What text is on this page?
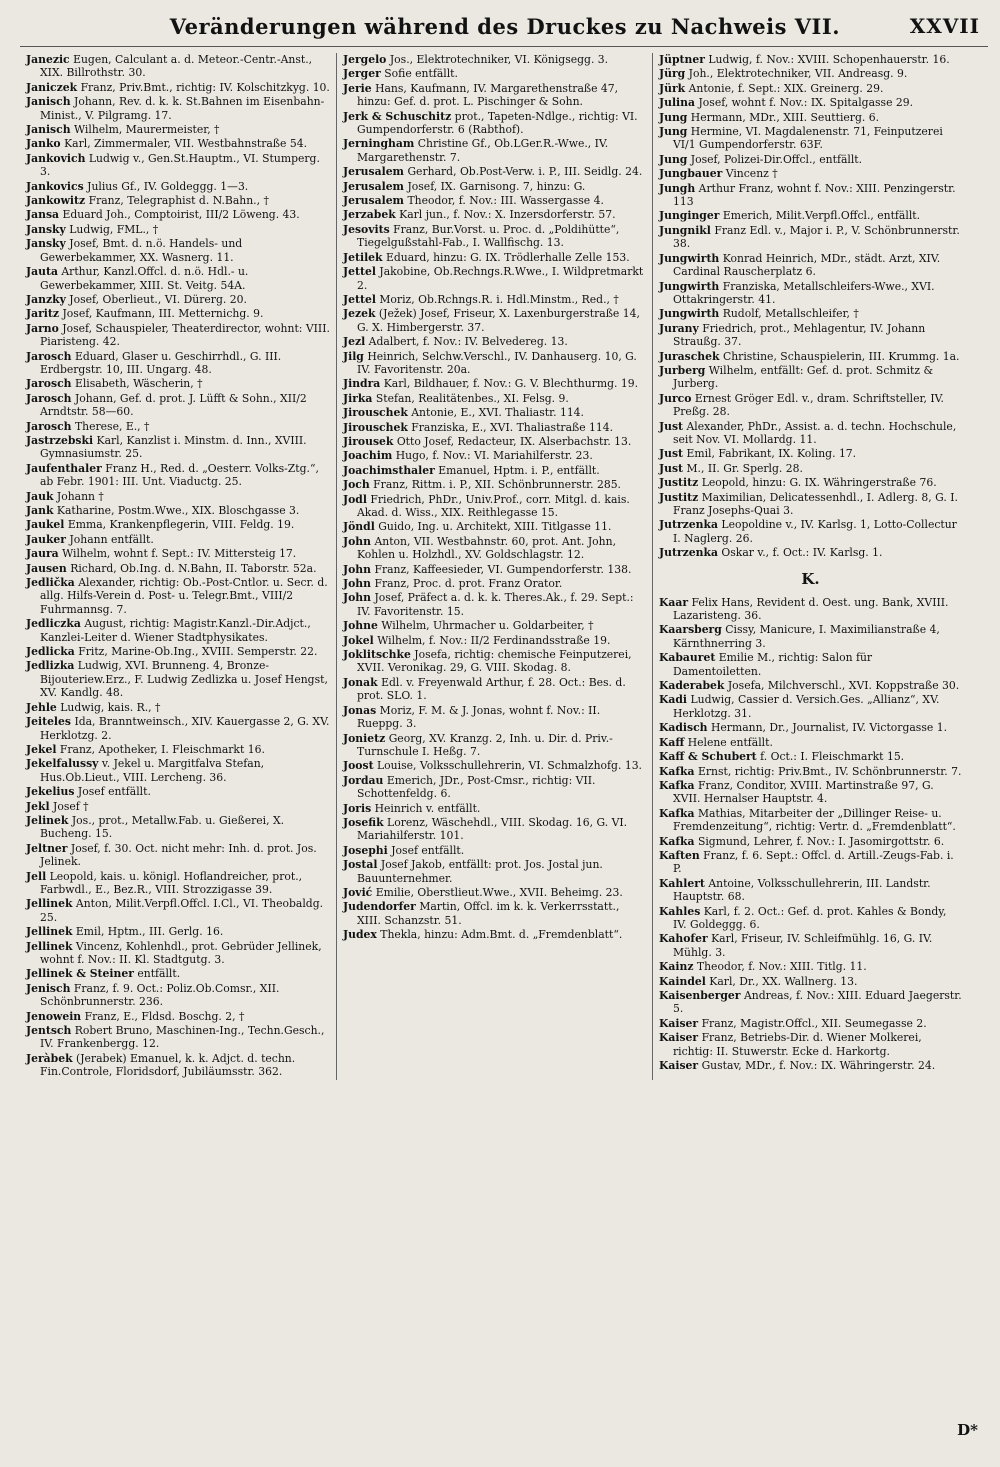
Veränderungen während des Druckes zu Nachweis VII.	XXVII
Janezic Eugen, Calculant a. d. Meteor.-Centr.-Anst., XIX. Billrothstr. 30.
Janiczek Franz, Priv.Bmt., richtig: IV. Kolschitzkyg. 10.
Janisch Johann, Rev. d. k. k. St.Bahnen im Eisenbahn-Minist., V. Pilgramg. 17.
Janisch Wilhelm, Maurermeister, †
Janko Karl, Zimmermaler, VII. Westbahnstraße 54.
Jankovich Ludwig v., Gen.St.Hauptm., VI. Stumperg. 3.
Jankovics Julius Gf., IV. Goldeggg. 1—3.
Jankowitz Franz, Telegraphist d. N.Bahn., †
Jansa Eduard Joh., Comptoirist, III/2 Löweng. 43.
Jansky Ludwig, FML., †
Jansky Josef, Bmt. d. n.ö. Handels- und Gewerbekammer, XX. Wasnerg. 11.
Jauta Arthur, Kanzl.Offcl. d. n.ö. Hdl.- u. Gewerbekammer, XIII. St. Veitg. 54A.
Janzky Josef, Oberlieut., VI. Dürerg. 20.
Jaritz Josef, Kaufmann, III. Metternichg. 9.
Jarno Josef, Schauspieler, Theaterdirector, wohnt: VIII. Piaristeng. 42.
Jarosch Eduard, Glaser u. Geschirrhdl., G. III. Erdbergstr. 10, III. Ungarg. 48.
Jarosch Elisabeth, Wäscherin, †
Jarosch Johann, Gef. d. prot. J. Lüfft & Sohn., XII/2 Arndtstr. 58—60.
Jarosch Therese, E., †
Jastrzebski Karl, Kanzlist i. Minstm. d. Inn., XVIII. Gymnasiumstr. 25.
Jaufenthaler Franz H., Red. d. „Oesterr. Volks-Ztg.“, ab Febr. 1901: III. Unt. Viaductg. 25.
Jauk Johann †
Jank Katharine, Postm.Wwe., XIX. Bloschgasse 3.
Jaukel Emma, Krankenpflegerin, VIII. Feldg. 19.
Jauker Johann entfällt.
Jaura Wilhelm, wohnt f. Sept.: IV. Mittersteig 17.
Jausen Richard, Ob.Ing. d. N.Bahn, II. Taborstr. 52a.
Jedlička Alexander, richtig: Ob.-Post-Cntlor. u. Secr. d. allg. Hilfs-Verein d. Post- u. Telegr.Bmt., VIII/2 Fuhrmannsg. 7.
Jedliczka August, richtig: Magistr.Kanzl.-Dir.Adjct., Kanzlei-Leiter d. Wiener Stadtphysikates.
Jedlicka Fritz, Marine-Ob.Ing., XVIII. Semperstr. 22.
Jedlizka Ludwig, XVI. Brunneng. 4, Bronze-Bijouteriew.Erz., F. Ludwig Zedlizka u. Josef Hengst, XV. Kandlg. 48.
Jehle Ludwig, kais. R., †
Jeiteles Ida, Branntweinsch., XIV. Kauergasse 2, G. XV. Herklotzg. 2.
Jekel Franz, Apotheker, I. Fleischmarkt 16.
Jekelfalussy v. Jekel u. Margitfalva Stefan, Hus.Ob.Lieut., VIII. Lercheng. 36.
Jekelius Josef entfällt.
Jekl Josef †
Jelinek Jos., prot., Metallw.Fab. u. Gießerei, X. Bucheng. 15.
Jeltner Josef, f. 30. Oct. nicht mehr: Inh. d. prot. Jos. Jelinek.
Jell Leopold, kais. u. königl. Hoflandreicher, prot., Farbwdl., E., Bez.R., VIII. Strozzigasse 39.
Jellinek Anton, Milit.Verpfl.Offcl. I.Cl., VI. Theobaldg. 25.
Jellinek Emil, Hptm., III. Gerlg. 16.
Jellinek Vincenz, Kohlenhdl., prot. Gebrüder Jellinek, wohnt f. Nov.: II. Kl. Stadtgutg. 3.
Jellinek & Steiner entfällt.
Jenisch Franz, f. 9. Oct.: Poliz.Ob.Comsr., XII. Schönbrunnerstr. 236.
Jenowein Franz, E., Fldsd. Boschg. 2, †
Jentsch Robert Bruno, Maschinen-Ing., Techn.Gesch., IV. Frankenbergg. 12.
Jeràbek (Jerabek) Emanuel, k. k. Adjct. d. techn. Fin.Controle, Floridsdorf, Jubiläumsstr. 362.
Jergelo Jos., Elektrotechniker, VI. Königsegg. 3.
Jerger Sofie entfällt.
Jerie Hans, Kaufmann, IV. Margarethenstraße 47, hinzu: Gef. d. prot. L. Pischinger & Sohn.
Jerk & Schuschitz prot., Tapeten-Ndlge., richtig: VI. Gumpendorferstr. 6 (Rabthof).
Jerningham Christine Gf., Ob.LGer.R.-Wwe., IV. Margarethenstr. 7.
Jerusalem Gerhard, Ob.Post-Verw. i. P., III. Seidlg. 24.
Jerusalem Josef, IX. Garnisong. 7, hinzu: G.
Jerusalem Theodor, f. Nov.: III. Wassergasse 4.
Jerzabek Karl jun., f. Nov.: X. Inzersdorferstr. 57.
Jesovits Franz, Bur.Vorst. u. Proc. d. „Poldihütte“, Tiegelgußstahl-Fab., I. Wallfischg. 13.
Jetilek Eduard, hinzu: G. IX. Trödlerhalle Zelle 153.
Jettel Jakobine, Ob.Rechngs.R.Wwe., I. Wildpretmarkt 2.
Jettel Moriz, Ob.Rchngs.R. i. Hdl.Minstm., Red., †
Jezek (Ježek) Josef, Friseur, X. Laxenburgerstraße 14, G. X. Himbergerstr. 37.
Jezl Adalbert, f. Nov.: IV. Belvedereg. 13.
Jilg Heinrich, Selchw.Verschl., IV. Danhauserg. 10, G. IV. Favoritenstr. 20a.
Jindra Karl, Bildhauer, f. Nov.: G. V. Blechthurmg. 19.
Jirka Stefan, Realitätenbes., XI. Felsg. 9.
Jirouschek Antonie, E., XVI. Thaliastr. 114.
Jirouschek Franziska, E., XVI. Thaliastraße 114.
Jirousek Otto Josef, Redacteur, IX. Alserbachstr. 13.
Joachim Hugo, f. Nov.: VI. Mariahilferstr. 23.
Joachimsthaler Emanuel, Hptm. i. P., entfällt.
Joch Franz, Rittm. i. P., XII. Schönbrunnerstr. 285.
Jodl Friedrich, PhDr., Univ.Prof., corr. Mitgl. d. kais. Akad. d. Wiss., XIX. Reithlegasse 15.
Jöndl Guido, Ing. u. Architekt, XIII. Titlgasse 11.
John Anton, VII. Westbahnstr. 60, prot. Ant. John, Kohlen u. Holzhdl., XV. Goldschlagstr. 12.
John Franz, Kaffeesieder, VI. Gumpendorferstr. 138.
John Franz, Proc. d. prot. Franz Orator.
John Josef, Präfect a. d. k. k. Theres.Ak., f. 29. Sept.: IV. Favoritenstr. 15.
Johne Wilhelm, Uhrmacher u. Goldarbeiter, †
Jokel Wilhelm, f. Nov.: II/2 Ferdinandsstraße 19.
Joklitschke Josefa, richtig: chemische Feinputzerei, XVII. Veronikag. 29, G. VIII. Skodag. 8.
Jonak Edl. v. Freyenwald Arthur, f. 28. Oct.: Bes. d. prot. SLO. 1.
Jonas Moriz, F. M. & J. Jonas, wohnt f. Nov.: II. Rueppg. 3.
Jonietz Georg, XV. Kranzg. 2, Inh. u. Dir. d. Priv.-Turnschule I. Heßg. 7.
Joost Louise, Volksschullehrerin, VI. Schmalzhofg. 13.
Jordau Emerich, JDr., Post-Cmsr., richtig: VII. Schottenfeldg. 6.
Joris Heinrich v. entfällt.
Josefik Lorenz, Wäschehdl., VIII. Skodag. 16, G. VI. Mariahilferstr. 101.
Josephi Josef entfällt.
Jostal Josef Jakob, entfällt: prot. Jos. Jostal jun. Bauunternehmer.
Jović Emilie, Oberstlieut.Wwe., XVII. Beheimg. 23.
Judendorfer Martin, Offcl. im k. k. Verkerrsstatt., XIII. Schanzstr. 51.
Judex Thekla, hinzu: Adm.Bmt. d. „Fremdenblatt“.
Jüptner Ludwig, f. Nov.: XVIII. Schopenhauerstr. 16.
Jürg Joh., Elektrotechniker, VII. Andreasg. 9.
Jürk Antonie, f. Sept.: XIX. Greinerg. 29.
Julina Josef, wohnt f. Nov.: IX. Spitalgasse 29.
Jung Hermann, MDr., XIII. Seuttierg. 6.
Jung Hermine, VI. Magdalenenstr. 71, Feinputzerei VI/1 Gumpendorferstr. 63F.
Jung Josef, Polizei-Dir.Offcl., entfällt.
Jungbauer Vincenz †
Jungh Arthur Franz, wohnt f. Nov.: XIII. Penzingerstr. 113
Junginger Emerich, Milit.Verpfl.Offcl., entfällt.
Jungnikl Franz Edl. v., Major i. P., V. Schönbrunnerstr. 38.
Jungwirth Konrad Heinrich, MDr., städt. Arzt, XIV. Cardinal Rauscherplatz 6.
Jungwirth Franziska, Metallschleifers-Wwe., XVI. Ottakringerstr. 41.
Jungwirth Rudolf, Metallschleifer, †
Jurany Friedrich, prot., Mehlagentur, IV. Johann Straußg. 37.
Juraschek Christine, Schauspielerin, III. Krummg. 1a.
Jurberg Wilhelm, entfällt: Gef. d. prot. Schmitz & Jurberg.
Jurco Ernest Gröger Edl. v., dram. Schriftsteller, IV. Preßg. 28.
Just Alexander, PhDr., Assist. a. d. techn. Hochschule, seit Nov. VI. Mollardg. 11.
Just Emil, Fabrikant, IX. Koling. 17.
Just M., II. Gr. Sperlg. 28.
Justitz Leopold, hinzu: G. IX. Währingerstraße 76.
Justitz Maximilian, Delicatessenhdl., I. Adlerg. 8, G. I. Franz Josephs-Quai 3.
Jutrzenka Leopoldine v., IV. Karlsg. 1, Lotto-Collectur I. Naglerg. 26.
Jutrzenka Oskar v., f. Oct.: IV. Karlsg. 1.
K.
Kaar Felix Hans, Revident d. Oest. ung. Bank, XVIII. Lazaristeng. 36.
Kaarsberg Cissy, Manicure, I. Maximilianstraße 4, Kärnthnerring 3.
Kabauret Emilie M., richtig: Salon für Damentoiletten.
Kaderabek Josefa, Milchverschl., XVI. Koppstraße 30.
Kadi Ludwig, Cassier d. Versich.Ges. „Allianz“, XV. Herklotzg. 31.
Kadisch Hermann, Dr., Journalist, IV. Victorgasse 1.
Kaff Helene entfällt.
Kaff & Schubert f. Oct.: I. Fleischmarkt 15.
Kafka Ernst, richtig: Priv.Bmt., IV. Schönbrunnerstr. 7.
Kafka Franz, Conditor, XVIII. Martinstraße 97, G. XVII. Hernalser Hauptstr. 4.
Kafka Mathias, Mitarbeiter der „Dillinger Reise- u. Fremdenzeitung“, richtig: Vertr. d. „Fremdenblatt“.
Kafka Sigmund, Lehrer, f. Nov.: I. Jasomirgottstr. 6.
Kaften Franz, f. 6. Sept.: Offcl. d. Artill.-Zeugs-Fab. i. P.
Kahlert Antoine, Volksschullehrerin, III. Landstr. Hauptstr. 68.
Kahles Karl, f. 2. Oct.: Gef. d. prot. Kahles & Bondy, IV. Goldeggg. 6.
Kahofer Karl, Friseur, IV. Schleifmühlg. 16, G. IV. Mühlg. 3.
Kainz Theodor, f. Nov.: XIII. Titlg. 11.
Kaindel Karl, Dr., XX. Wallnerg. 13.
Kaisenberger Andreas, f. Nov.: XIII. Eduard Jaegerstr. 5.
Kaiser Franz, Magistr.Offcl., XII. Seumegasse 2.
Kaiser Franz, Betriebs-Dir. d. Wiener Molkerei, richtig: II. Stuwerstr. Ecke d. Harkortg.
Kaiser Gustav, MDr., f. Nov.: IX. Währingerstr. 24.
D*
